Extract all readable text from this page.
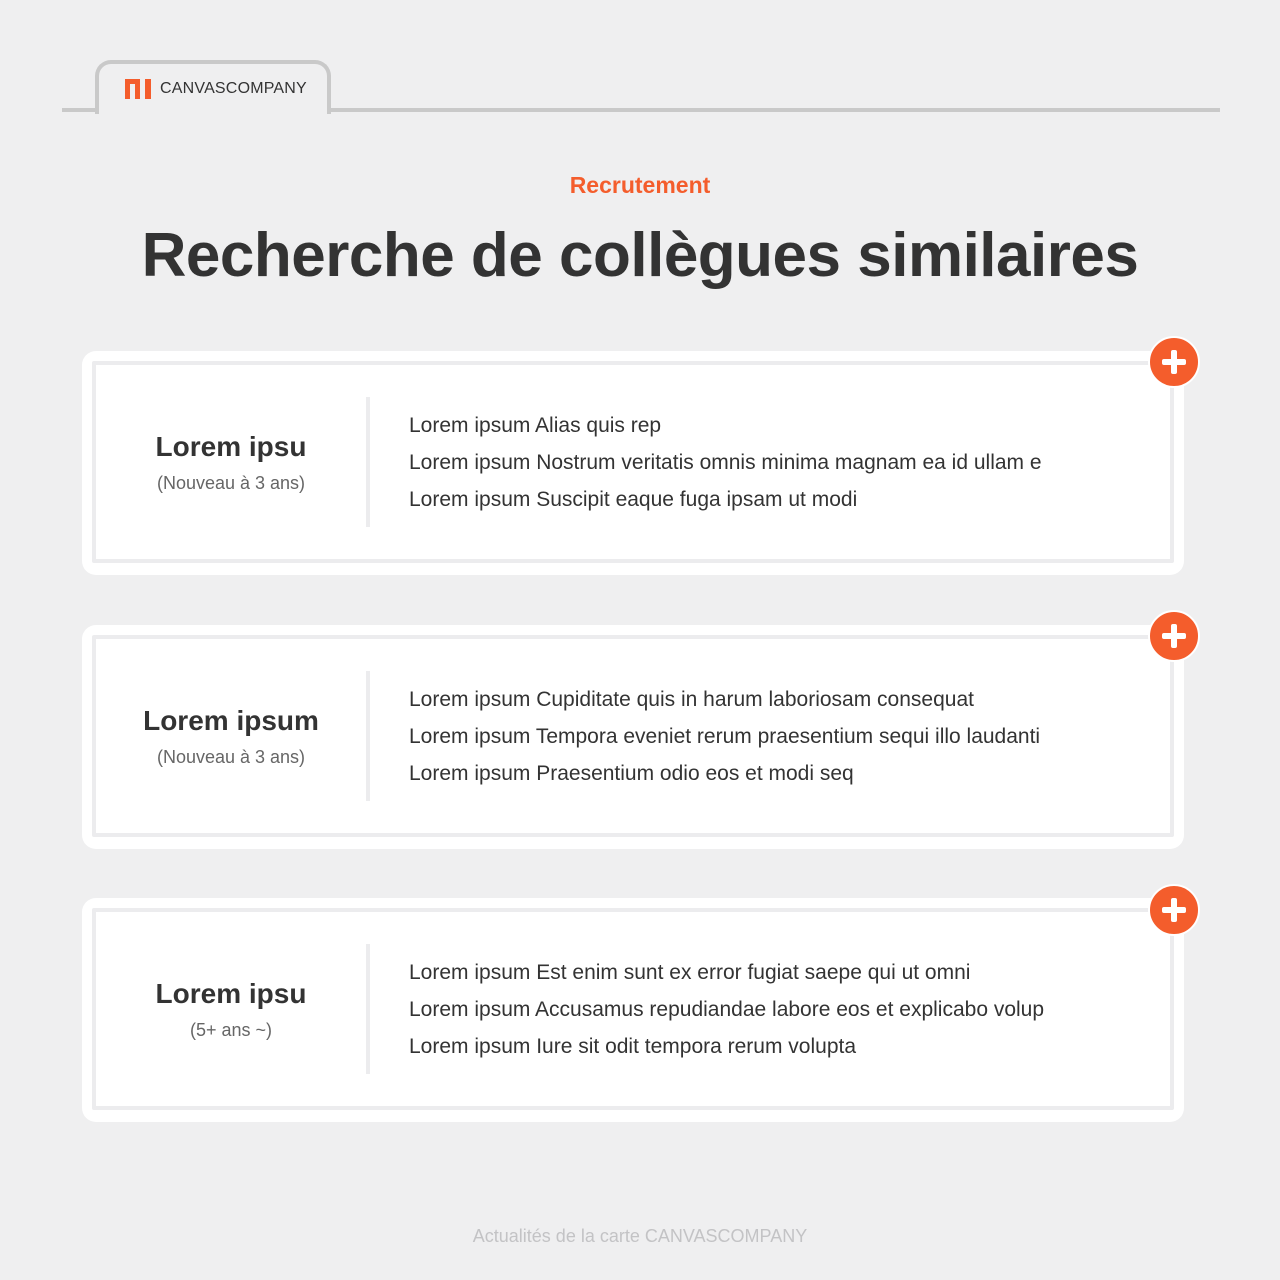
CANVASCOMPANY
Recrutement
Recherche de collègues similaires
Lorem ipsu
(Nouveau à 3 ans)
Lorem ipsum Alias quis rep
Lorem ipsum Nostrum veritatis omnis minima magnam ea id ullam e
Lorem ipsum Suscipit eaque fuga ipsam ut modi
Lorem ipsum
(Nouveau à 3 ans)
Lorem ipsum Cupiditate quis in harum laboriosam consequat
Lorem ipsum Tempora eveniet rerum praesentium sequi illo laudanti
Lorem ipsum Praesentium odio eos et modi seq
Lorem ipsu
(5+ ans ~)
Lorem ipsum Est enim sunt ex error fugiat saepe qui ut omni
Lorem ipsum Accusamus repudiandae labore eos et explicabo volup
Lorem ipsum Iure sit odit tempora rerum volupta
Actualités de la carte CANVASCOMPANY
